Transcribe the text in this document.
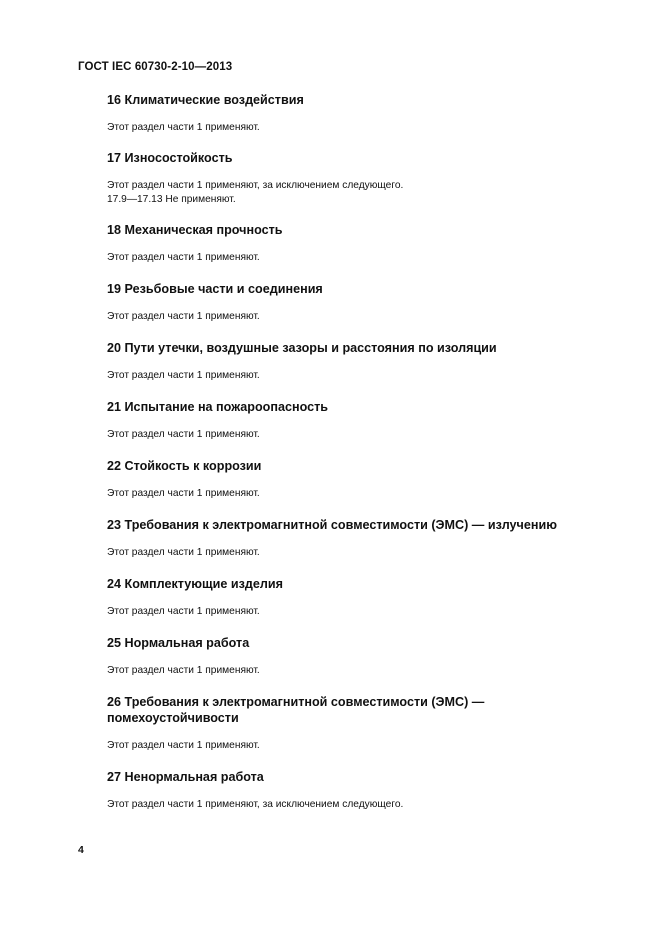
ГОСТ IEC 60730-2-10—2013
16 Климатические воздействия

Этот раздел части 1 применяют.

17 Износостойкость

Этот раздел части 1 применяют, за исключением следующего.

17.9—17.13 Не применяют.

18 Механическая прочность

Этот раздел части 1 применяют.

19 Резьбовые части и соединения

Этот раздел части 1 применяют.

20 Пути утечки, воздушные зазоры и расстояния по изоляции

Этот раздел части 1 применяют.

21 Испытание на пожароопасность

Этот раздел части 1 применяют.

22 Стойкость к коррозии

Этот раздел части 1 применяют.

23 Требования к электромагнитной совместимости (ЭМС) — излучению

Этот раздел части 1 применяют.

24 Комплектующие изделия

Этот раздел части 1 применяют.

25 Нормальная работа

Этот раздел части 1 применяют.

26 Требования к электромагнитной совместимости (ЭМС) — помехоустойчивости

Этот раздел части 1 применяют.

27 Ненормальная работа

Этот раздел части 1 применяют, за исключением следующего.

4
